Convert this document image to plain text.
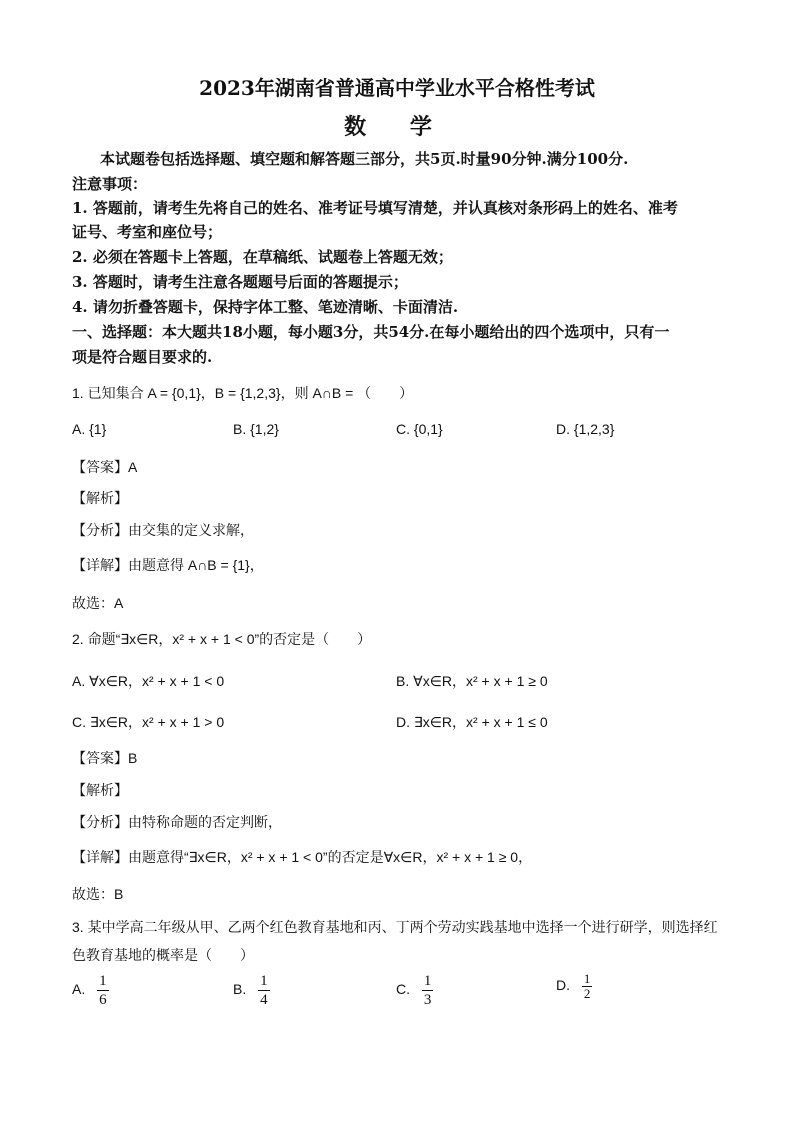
2023年湖南省普通高中学业水平合格性考试
数 学
本试题卷包括选择题、填空题和解答题三部分，共5页.时量90分钟.满分100分.
注意事项：
1. 答题前，请考生先将自己的姓名、准考证号填写清楚，并认真核对条形码上的姓名、准考
证号、考室和座位号；
2. 必须在答题卡上答题，在草稿纸、试题卷上答题无效；
3. 答题时，请考生注意各题题号后面的答题提示；
4. 请勿折叠答题卡，保持字体工整、笔迹清晰、卡面清洁.
一、选择题：本大题共18小题，每小题3分，共54分.在每小题给出的四个选项中，只有一
项是符合题目要求的.
1. 已知集合 A = {0,1}，B = {1,2,3}，则 A∩B = （　　）
A. {1}	B. {1,2}	C. {0,1}	D. {1,2,3}
【答案】A
【解析】
【分析】由交集的定义求解，
【详解】由题意得 A∩B = {1}，
故选：A
2. 命题“∃x∈R，x² + x + 1 < 0”的否定是（　　）
A. ∀x∈R，x² + x + 1 < 0	B. ∀x∈R，x² + x + 1 ≥ 0
C. ∃x∈R，x² + x + 1 > 0	D. ∃x∈R，x² + x + 1 ≤ 0
【答案】B
【解析】
【分析】由特称命题的否定判断，
【详解】由题意得“∃x∈R，x² + x + 1 < 0”的否定是∀x∈R，x² + x + 1 ≥ 0，
故选：B
3. 某中学高二年级从甲、乙两个红色教育基地和丙、丁两个劳动实践基地中选择一个进行研学，则选择红
色教育基地的概率是（　　）
A. $\frac{1}{6}$	B. $\frac{1}{4}$	C. $\frac{1}{3}$	D. $\frac{1}{2}$
